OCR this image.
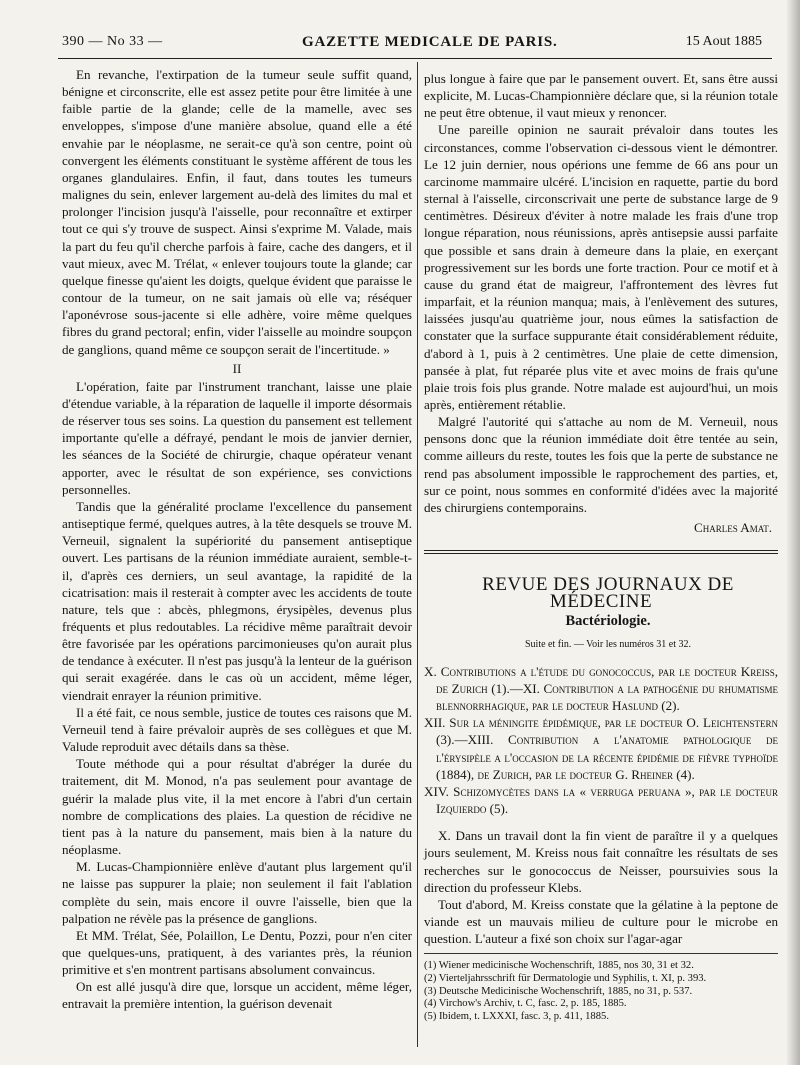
390 — No 33 —	GAZETTE MEDICALE DE PARIS.	15 Aout 1885

En revanche, l'extirpation de la tumeur seule suffit quand, bénigne et circonscrite, elle est assez petite pour être limitée à une faible partie de la glande; celle de la mamelle, avec ses enveloppes, s'impose d'une manière absolue, quand elle a été envahie par le néoplasme, ne serait-ce qu'à son centre, point où convergent les éléments constituant le système afférent de tous les organes glandulaires. Enfin, il faut, dans toutes les tumeurs malignes du sein, enlever largement au-delà des limites du mal et prolonger l'incision jusqu'à l'aisselle, pour reconnaître et extirper tout ce qui s'y trouve de suspect. Ainsi s'exprime M. Valade, mais la part du feu qu'il cherche parfois à faire, cache des dangers, et il vaut mieux, avec M. Trélat, « enlever toujours toute la glande; car quelque finesse qu'aient les doigts, quelque évident que paraisse le contour de la tumeur, on ne sait jamais où elle va; réséquer l'aponévrose sous-jacente si elle adhère, voire même quelques fibres du grand pectoral; enfin, vider l'aisselle au moindre soupçon de ganglions, quand même ce soupçon serait de l'incertitude. »

II

L'opération, faite par l'instrument tranchant, laisse une plaie d'étendue variable, à la réparation de laquelle il importe désormais de réserver tous ses soins. La question du pansement est tellement importante qu'elle a défrayé, pendant le mois de janvier dernier, les séances de la Société de chirurgie, chaque opérateur venant apporter, avec le résultat de son expérience, ses convictions personnelles.

Tandis que la généralité proclame l'excellence du pansement antiseptique fermé, quelques autres, à la tête desquels se trouve M. Verneuil, signalent la supériorité du pansement antiseptique ouvert. Les partisans de la réunion immédiate auraient, semble-t-il, d'après ces derniers, un seul avantage, la rapidité de la cicatrisation: mais il resterait à compter avec les accidents de toute nature, tels que : abcès, phlegmons, érysipèles, devenus plus fréquents et plus redoutables. La récidive même paraîtrait devoir être favorisée par les opérations parcimonieuses qu'on aurait plus de tendance à exécuter. Il n'est pas jusqu'à la lenteur de la guérison qui serait exagérée. dans le cas où un accident, même léger, viendrait enrayer la réunion primitive.

Il a été fait, ce nous semble, justice de toutes ces raisons que M. Verneuil tend à faire prévaloir auprès de ses collègues et que M. Valude reproduit avec détails dans sa thèse.

Toute méthode qui a pour résultat d'abréger la durée du traitement, dit M. Monod, n'a pas seulement pour avantage de guérir la malade plus vite, il la met encore à l'abri d'un certain nombre de complications des plaies. La question de récidive ne tient pas à la nature du pansement, mais bien à la nature du néoplasme.

M. Lucas-Championnière enlève d'autant plus largement qu'il ne laisse pas suppurer la plaie; non seulement il fait l'ablation complète du sein, mais encore il ouvre l'aisselle, bien que la palpation ne révèle pas la présence de ganglions.

Et MM. Trélat, Sée, Polaillon, Le Dentu, Pozzi, pour n'en citer que quelques-uns, pratiquent, à des variantes près, la réunion primitive et s'en montrent partisans absolument convaincus.

On est allé jusqu'à dire que, lorsque un accident, même léger, entravait la première intention, la guérison devenait

plus longue à faire que par le pansement ouvert. Et, sans être aussi explicite, M. Lucas-Championnière déclare que, si la réunion totale ne peut être obtenue, il vaut mieux y renoncer.

Une pareille opinion ne saurait prévaloir dans toutes les circonstances, comme l'observation ci-dessous vient le démontrer. Le 12 juin dernier, nous opérions une femme de 66 ans pour un carcinome mammaire ulcéré. L'incision en raquette, partie du bord sternal à l'aisselle, circonscrivait une perte de substance large de 9 centimètres. Désireux d'éviter à notre malade les frais d'une trop longue réparation, nous réunissions, après antisepsie aussi parfaite que possible et sans drain à demeure dans la plaie, en exerçant progressivement sur les bords une forte traction. Pour ce motif et à cause du grand état de maigreur, l'affrontement des lèvres fut imparfait, et la réunion manqua; mais, à l'enlèvement des sutures, laissées jusqu'au quatrième jour, nous eûmes la satisfaction de constater que la surface suppurante était considérablement réduite, d'abord à 1, puis à 2 centimètres. Une plaie de cette dimension, pansée à plat, fut réparée plus vite et avec moins de frais qu'une plaie trois fois plus grande. Notre malade est aujourd'hui, un mois après, entièrement rétablie.

Malgré l'autorité qui s'attache au nom de M. Verneuil, nous pensons donc que la réunion immédiate doit être tentée au sein, comme ailleurs du reste, toutes les fois que la perte de substance ne rend pas absolument impossible le rapprochement des parties, et, sur ce point, nous sommes en conformité d'idées avec la majorité des chirurgiens contemporains.

Charles Amat.

REVUE DES JOURNAUX DE MÉDECINE

Bactériologie.

Suite et fin. — Voir les numéros 31 et 32.

X. Contributions a l'étude du gonococcus, par le docteur Kreiss, de Zurich (1).—XI. Contribution a la pathogénie du rhumatisme blennorrhagique, par le docteur Haslund (2).

XII. Sur la méningite épidémique, par le docteur O. Leichtenstern (3).—XIII. Contribution a l'anatomie pathologique de l'érysipèle a l'occasion de la récente épidémie de fièvre typhoïde (1884), de Zurich, par le docteur G. Rheiner (4).

XIV. Schizomycètes dans la « verruga peruana », par le docteur Izquierdo (5).

X. Dans un travail dont la fin vient de paraître il y a quelques jours seulement, M. Kreiss nous fait connaître les résultats de ses recherches sur le gonococcus de Neisser, poursuivies sous la direction du professeur Klebs.

Tout d'abord, M. Kreiss constate que la gélatine à la peptone de viande est un mauvais milieu de culture pour le microbe en question. L'auteur a fixé son choix sur l'agar-agar

(1) Wiener medicinische Wochenschrift, 1885, nos 30, 31 et 32.

(2) Vierteljahrsschrift für Dermatologie und Syphilis, t. XI, p. 393.

(3) Deutsche Medicinische Wochenschrift, 1885, no 31, p. 537.

(4) Virchow's Archiv, t. C, fasc. 2, p. 185, 1885.

(5) Ibidem, t. LXXXI, fasc. 3, p. 411, 1885.
